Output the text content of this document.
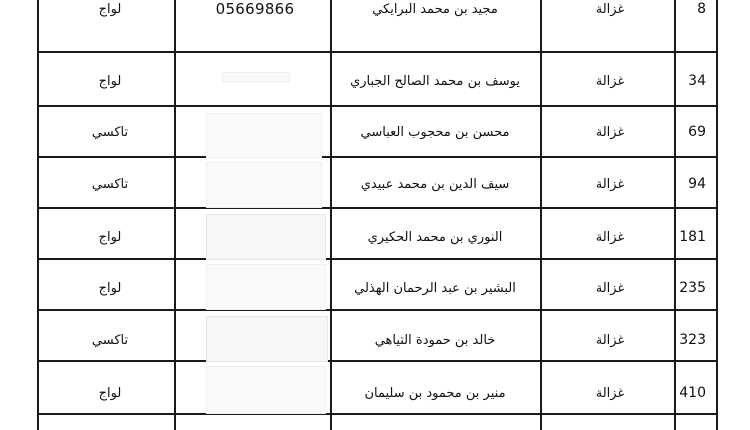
8
غزالة
مجيد بن محمد البرايكي
05669866
لواج
34
غزالة
يوسف بن محمد الصالح الجباري
لواج
69
غزالة
محسن بن محجوب العباسي
تاكسي
94
غزالة
سيف الدين بن محمد عبيدي
تاكسي
181
غزالة
النوري بن محمد الحكيري
لواج
235
غزالة
البشير بن عبد الرحمان الهذلي
لواج
323
غزالة
خالد بن حمودة التياهي
تاكسي
410
غزالة
منير بن محمود بن سليمان
لواج
